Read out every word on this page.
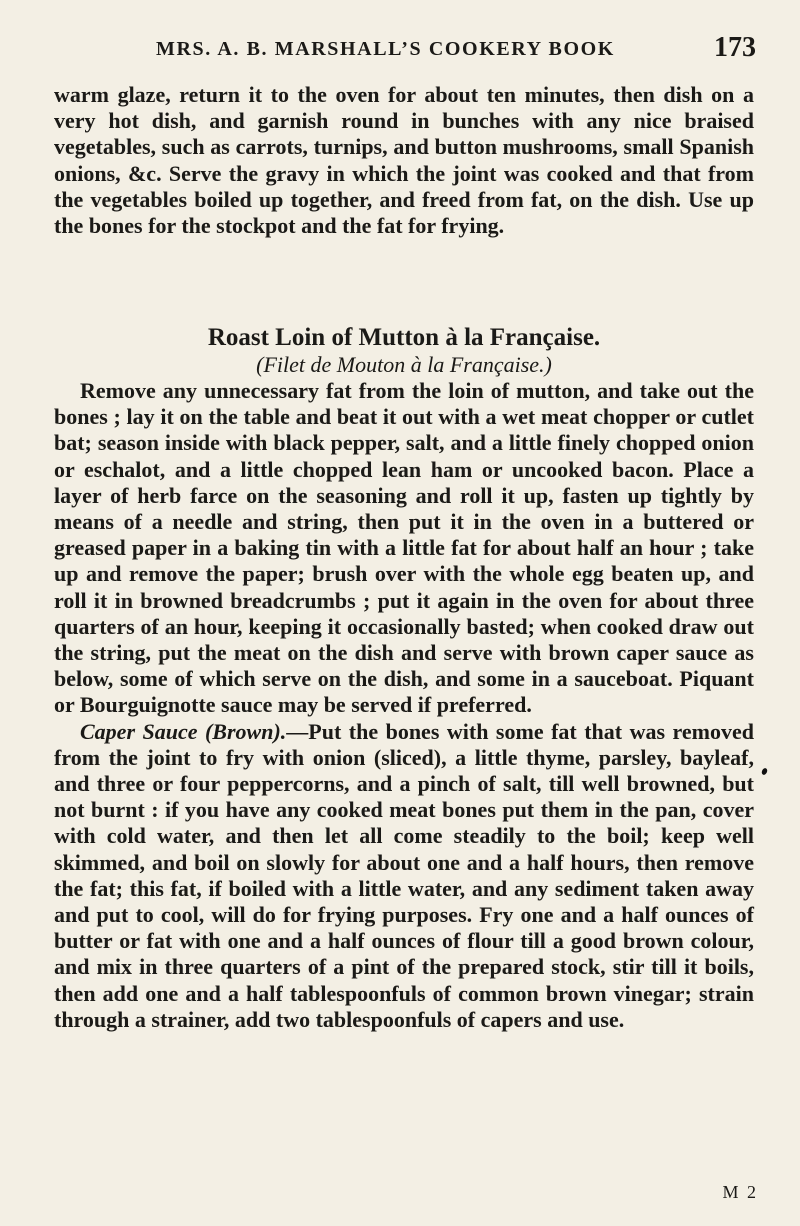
MRS. A. B. MARSHALL’S COOKERY BOOK	173

warm glaze, return it to the oven for about ten minutes, then dish on a very hot dish, and garnish round in bunches with any nice braised vegetables, such as carrots, turnips, and button mushrooms, small Spanish onions, &c. Serve the gravy in which the joint was cooked and that from the vegetables boiled up together, and freed from fat, on the dish. Use up the bones for the stockpot and the fat for frying.

Roast Loin of Mutton à la Française.
(Filet de Mouton à la Française.)

Remove any unnecessary fat from the loin of mutton, and take out the bones ; lay it on the table and beat it out with a wet meat chopper or cutlet bat; season inside with black pepper, salt, and a little finely chopped onion or eschalot, and a little chopped lean ham or uncooked bacon. Place a layer of herb farce on the seasoning and roll it up, fasten up tightly by means of a needle and string, then put it in the oven in a buttered or greased paper in a baking tin with a little fat for about half an hour ; take up and remove the paper; brush over with the whole egg beaten up, and roll it in browned breadcrumbs ; put it again in the oven for about three quarters of an hour, keeping it occasionally basted; when cooked draw out the string, put the meat on the dish and serve with brown caper sauce as below, some of which serve on the dish, and some in a sauceboat. Piquant or Bourguignotte sauce may be served if preferred.

Caper Sauce (Brown).—Put the bones with some fat that was removed from the joint to fry with onion (sliced), a little thyme, parsley, bayleaf, and three or four peppercorns, and a pinch of salt, till well browned, but not burnt : if you have any cooked meat bones put them in the pan, cover with cold water, and then let all come steadily to the boil; keep well skimmed, and boil on slowly for about one and a half hours, then remove the fat; this fat, if boiled with a little water, and any sediment taken away and put to cool, will do for frying purposes. Fry one and a half ounces of butter or fat with one and a half ounces of flour till a good brown colour, and mix in three quarters of a pint of the prepared stock, stir till it boils, then add one and a half tablespoonfuls of common brown vinegar; strain through a strainer, add two tablespoonfuls of capers and use.

M 2
